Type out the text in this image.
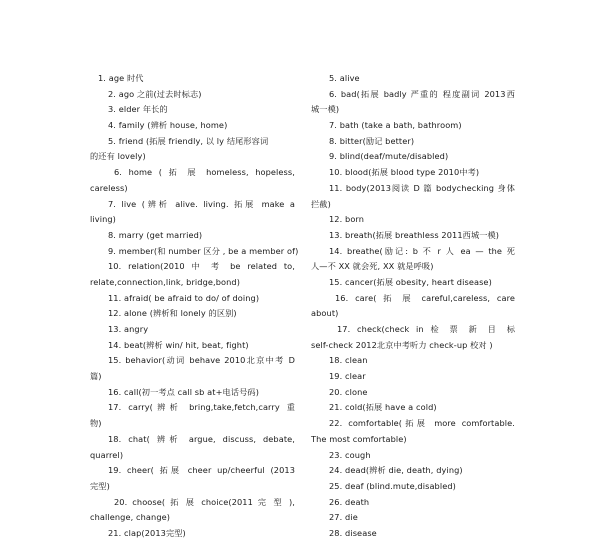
1. age 时代
2. ago 之前(过去时标志)
3. elder 年长的
4. family (辨析 house, home)
5. friend (拓展 friendly, 以 ly 结尾形容词
的还有 lovely)
6. home ( 拓 展 homeless, hopeless,
careless)
7. live (辨析 alive. living. 拓展 make a
living)
8. marry (get married)
9. member(和 number 区分 , be a member of)
10. relation(2010 中 考 be related to,
relate,connection,link, bridge,bond)
11. afraid( be afraid to do/ of doing)
12. alone (辨析和 lonely 的区别)
13. angry
14. beat(辨析 win/ hit, beat, fight)
15. behavior(动词 behave 2010北京中考 D
篇)
16. call(初一考点 call sb at+电话号码)
17. carry(辨析 bring,take,fetch,carry 重
物)
18. chat( 辨析 argue, discuss, debate,
quarrel)
19. cheer( 拓展 cheer up/cheerful (2013
完型)
20. choose( 拓 展 choice(2011 完 型 ),
challenge, change)
21. clap(2013完型)
5. alive
6. bad(拓展 badly 严重的 程度副词 2013西
城一模)
7. bath (take a bath, bathroom)
8. bitter(励记 better)
9. blind(deaf/mute/disabled)
10. blood(拓展 blood type 2010中考)
11. body(2013阅读 D 篇 bodychecking 身体
拦截)
12. born
13. breath(拓展 breathless 2011西城一模)
14. breathe(励记: b 不 r 人 ea — the 死
人—不 XX 就会死, XX 就是呼吸)
15. cancer(拓展 obesity, heart disease)
16. care( 拓 展 careful,careless, care
about)
17. check(check in 检 票 新 目 标
self-check 2012北京中考听力 check-up 校对 )
18. clean
19. clear
20. clone
21. cold(拓展 have a cold)
22. comfortable(拓展 more comfortable.
The most comfortable)
23. cough
24. dead(辨析 die, death, dying)
25. deaf (blind.mute,disabled)
26. death
27. die
28. disease
